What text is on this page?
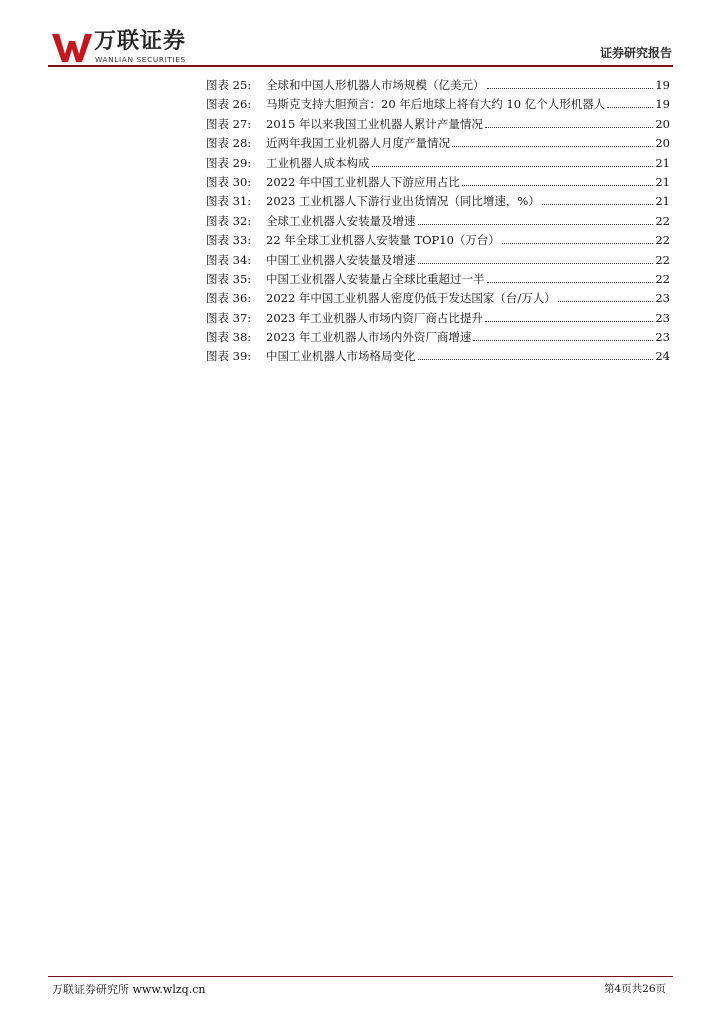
万联证券
WANLIAN SECURITIES	证券研究报告
图表 25:	全球和中国人形机器人市场规模（亿美元）	19
图表 26:	马斯克支持大胆预言：20 年后地球上将有大约 10 亿个人形机器人	19
图表 27:	2015 年以来我国工业机器人累计产量情况	20
图表 28:	近两年我国工业机器人月度产量情况	20
图表 29:	工业机器人成本构成	21
图表 30:	2022 年中国工业机器人下游应用占比	21
图表 31:	2023 工业机器人下游行业出货情况（同比增速，%）	21
图表 32:	全球工业机器人安装量及增速	22
图表 33:	22 年全球工业机器人安装量 TOP10（万台）	22
图表 34:	中国工业机器人安装量及增速	22
图表 35:	中国工业机器人安装量占全球比重超过一半	22
图表 36:	2022 年中国工业机器人密度仍低于发达国家（台/万人）	23
图表 37:	2023 年工业机器人市场内资厂商占比提升	23
图表 38:	2023 年工业机器人市场内外资厂商增速	23
图表 39:	中国工业机器人市场格局变化	24
万联证券研究所 www.wlzq.cn	第4页共26页
